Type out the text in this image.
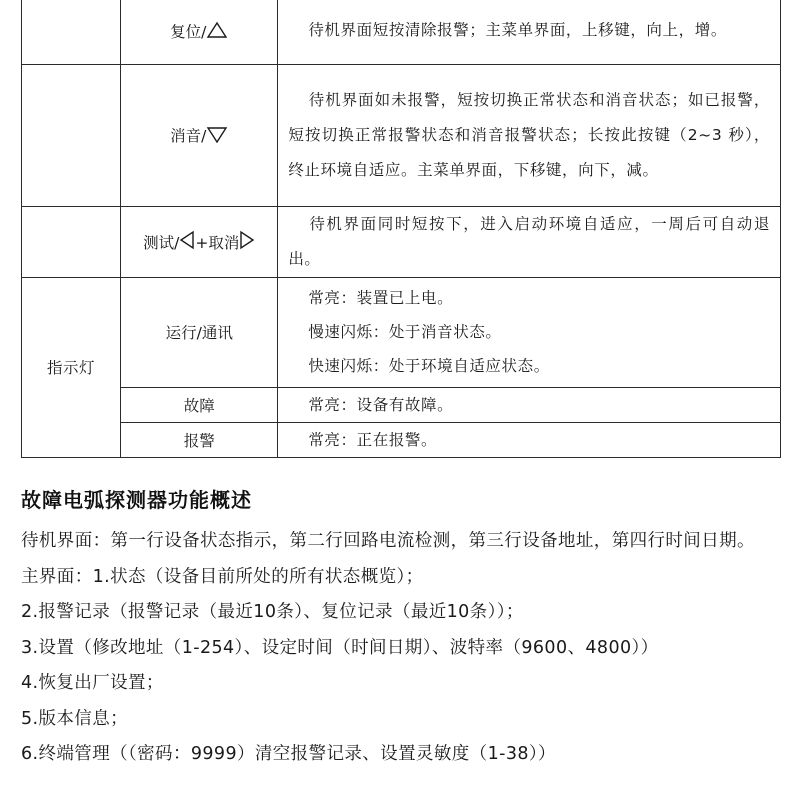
	复位/	待机界面短按清除报警；主菜单界面，上移键，向上，增。
	消音/	待机界面如未报警，短按切换正常状态和消音状态；如已报警，短按切换正常报警状态和消音报警状态；长按此按键（2~3 秒），终止环境自适应。主菜单界面，下移键，向下，减。
	测试/ +取消	待机界面同时短按下，进入启动环境自适应，一周后可自动退出。
指示灯	运行/通讯	常亮：装置已上电。
慢速闪烁：处于消音状态。
快速闪烁：处于环境自适应状态。

	故障	常亮：设备有故障。

	报警	常亮：正在报警。
故障电弧探测器功能概述

待机界面：第一行设备状态指示，第二行回路电流检测，第三行设备地址，第四行时间日期。

主界面：1.状态（设备目前所处的所有状态概览）；

2.报警记录（报警记录（最近10条）、复位记录（最近10条））；

3.设置（修改地址（1-254）、设定时间（时间日期）、波特率（9600、4800））

4.恢复出厂设置；

5.版本信息；

6.终端管理（（密码：9999）清空报警记录、设置灵敏度（1-38））
